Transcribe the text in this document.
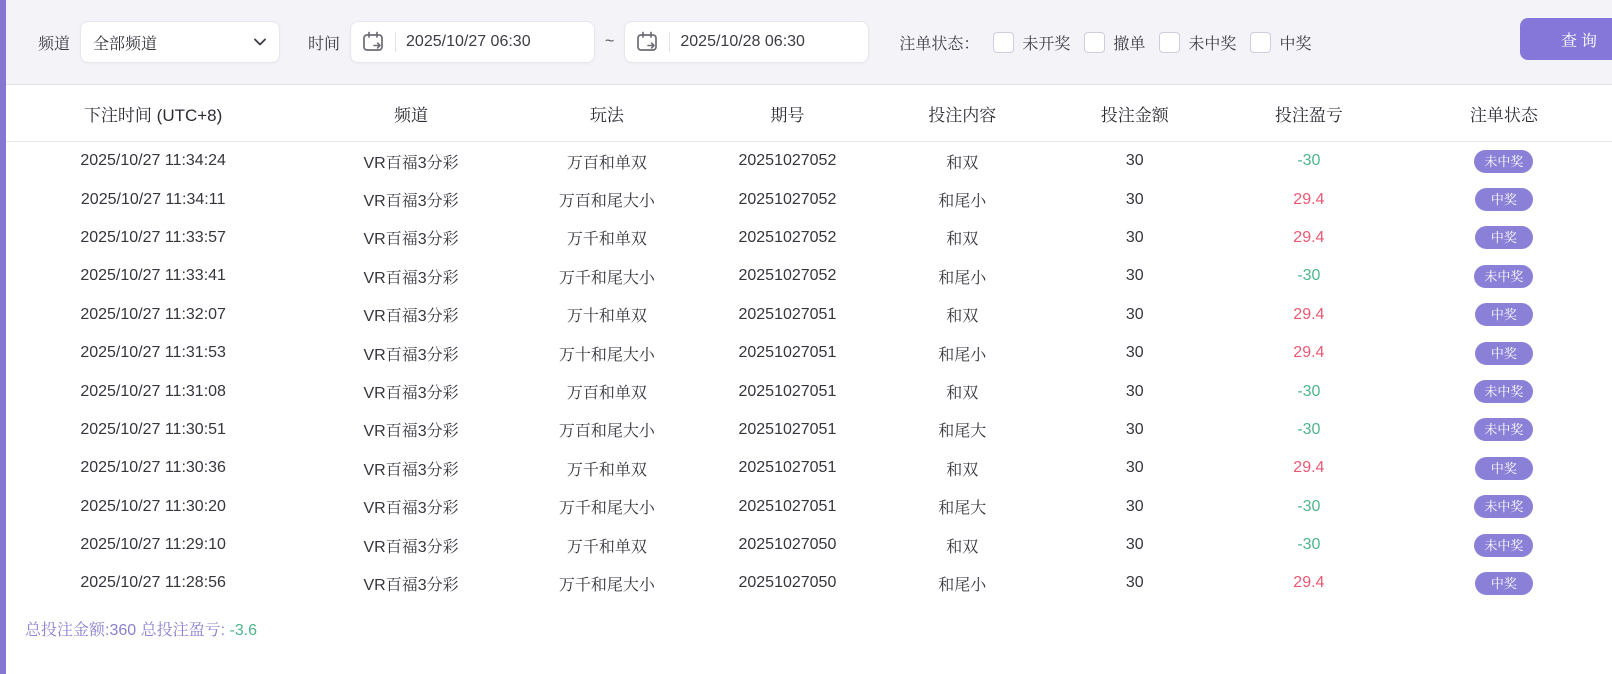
频道 全部频道	时间	2025/10/27 06:30	~	2025/10/28 06:30	注单状态：	未开奖	撤单	未中奖	中奖	查询
下注时间 (UTC+8)	频道	玩法	期号	投注内容	投注金额	投注盈亏	注单状态
2025/10/27 11:34:24	VR百福3分彩	万百和单双	20251027052	和双	30	-30	未中奖
2025/10/27 11:34:11	VR百福3分彩	万百和尾大小	20251027052	和尾小	30	29.4	中奖
2025/10/27 11:33:57	VR百福3分彩	万千和单双	20251027052	和双	30	29.4	中奖
2025/10/27 11:33:41	VR百福3分彩	万千和尾大小	20251027052	和尾小	30	-30	未中奖
2025/10/27 11:32:07	VR百福3分彩	万十和单双	20251027051	和双	30	29.4	中奖
2025/10/27 11:31:53	VR百福3分彩	万十和尾大小	20251027051	和尾小	30	29.4	中奖
2025/10/27 11:31:08	VR百福3分彩	万百和单双	20251027051	和双	30	-30	未中奖
2025/10/27 11:30:51	VR百福3分彩	万百和尾大小	20251027051	和尾大	30	-30	未中奖
2025/10/27 11:30:36	VR百福3分彩	万千和单双	20251027051	和双	30	29.4	中奖
2025/10/27 11:30:20	VR百福3分彩	万千和尾大小	20251027051	和尾大	30	-30	未中奖
2025/10/27 11:29:10	VR百福3分彩	万千和单双	20251027050	和双	30	-30	未中奖
2025/10/27 11:28:56	VR百福3分彩	万千和尾大小	20251027050	和尾小	30	29.4	中奖
总投注金额:360 总投注盈亏: -3.6
